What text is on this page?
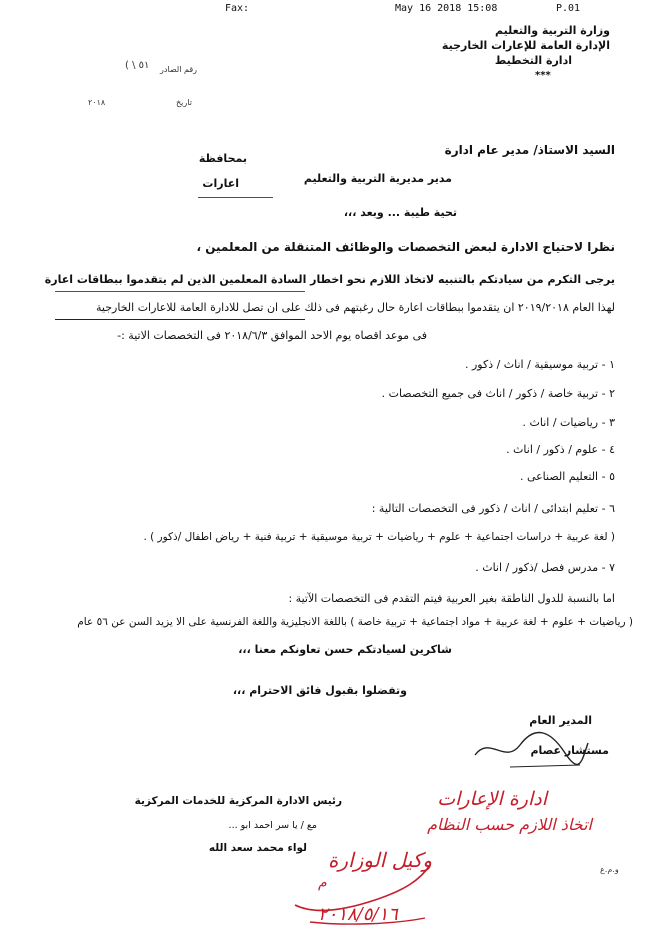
Fax:	May 16 2018 15:08	P.01
وزارة التربية والتعليم
الإدارة العامة للإعارات الخارجية
ادارة التخطيط
***
رقم الصادر
( \ ٥١
تاريخ
٢٠١٨
السيد الاستاذ/ مدير عام ادارة
مدير مديرية التربية والتعليم
بمحافظة
اعارات
تحية طيبة ... وبعد ،،،
نظرا لاحتياج الادارة لبعض التخصصات والوظائف المتنقلة من المعلمين ،
يرجى التكرم من سيادتكم بالتنبيه لاتخاذ اللازم نحو اخطار السادة المعلمين الذين لم يتقدموا ببطاقات اعارة
لهذا العام ٢٠١٩/٢٠١٨ ان يتقدموا ببطاقات اعارة حال رغبتهم فى ذلك على ان تصل للادارة العامة للاعارات الخارجية
فى موعد اقصاه يوم الاحد الموافق ٢٠١٨/٦/٣ فى التخصصات الاتية :-
١ - تربية موسيقية / اناث / ذكور .
٢ - تربية خاصة / ذكور / اناث فى جميع التخصصات .
٣ - رياضيات / اناث .
٤ - علوم / ذكور / اناث .
٥ - التعليم الصناعى .
٦ - تعليم ابتدائى / اناث / ذكور فى التخصصات التالية :
( لغة عربية + دراسات اجتماعية + علوم + رياضيات + تربية موسيقية + تربية فنية + رياض اطفال /ذكور ) .
٧ - مدرس فصل /ذكور / اناث .
اما بالنسبة للدول الناطقة بغير العربية فيتم التقدم فى التخصصات الآتية :
( رياضيات + علوم + لغة عربية + مواد اجتماعية + تربية خاصة ) باللغة الانجليزية واللغة الفرنسية على الا يزيد السن عن ٥٦ عام
شاكرين لسيادتكم حسن تعاونكم معنا ،،،
وتفضلوا بقبول فائق الاحترام ،،،
المدير العام
مستشار عصام
رئيس الادارة المركزية للخدمات المركزية
مع / يا سر احمد ابو ...
لواء محمد سعد الله
و.م.ع
ادارة الإعارات
اتخاذ اللازم حسب النظام
وكيل الوزارة
م
٢٠١٨/٥/١٦
